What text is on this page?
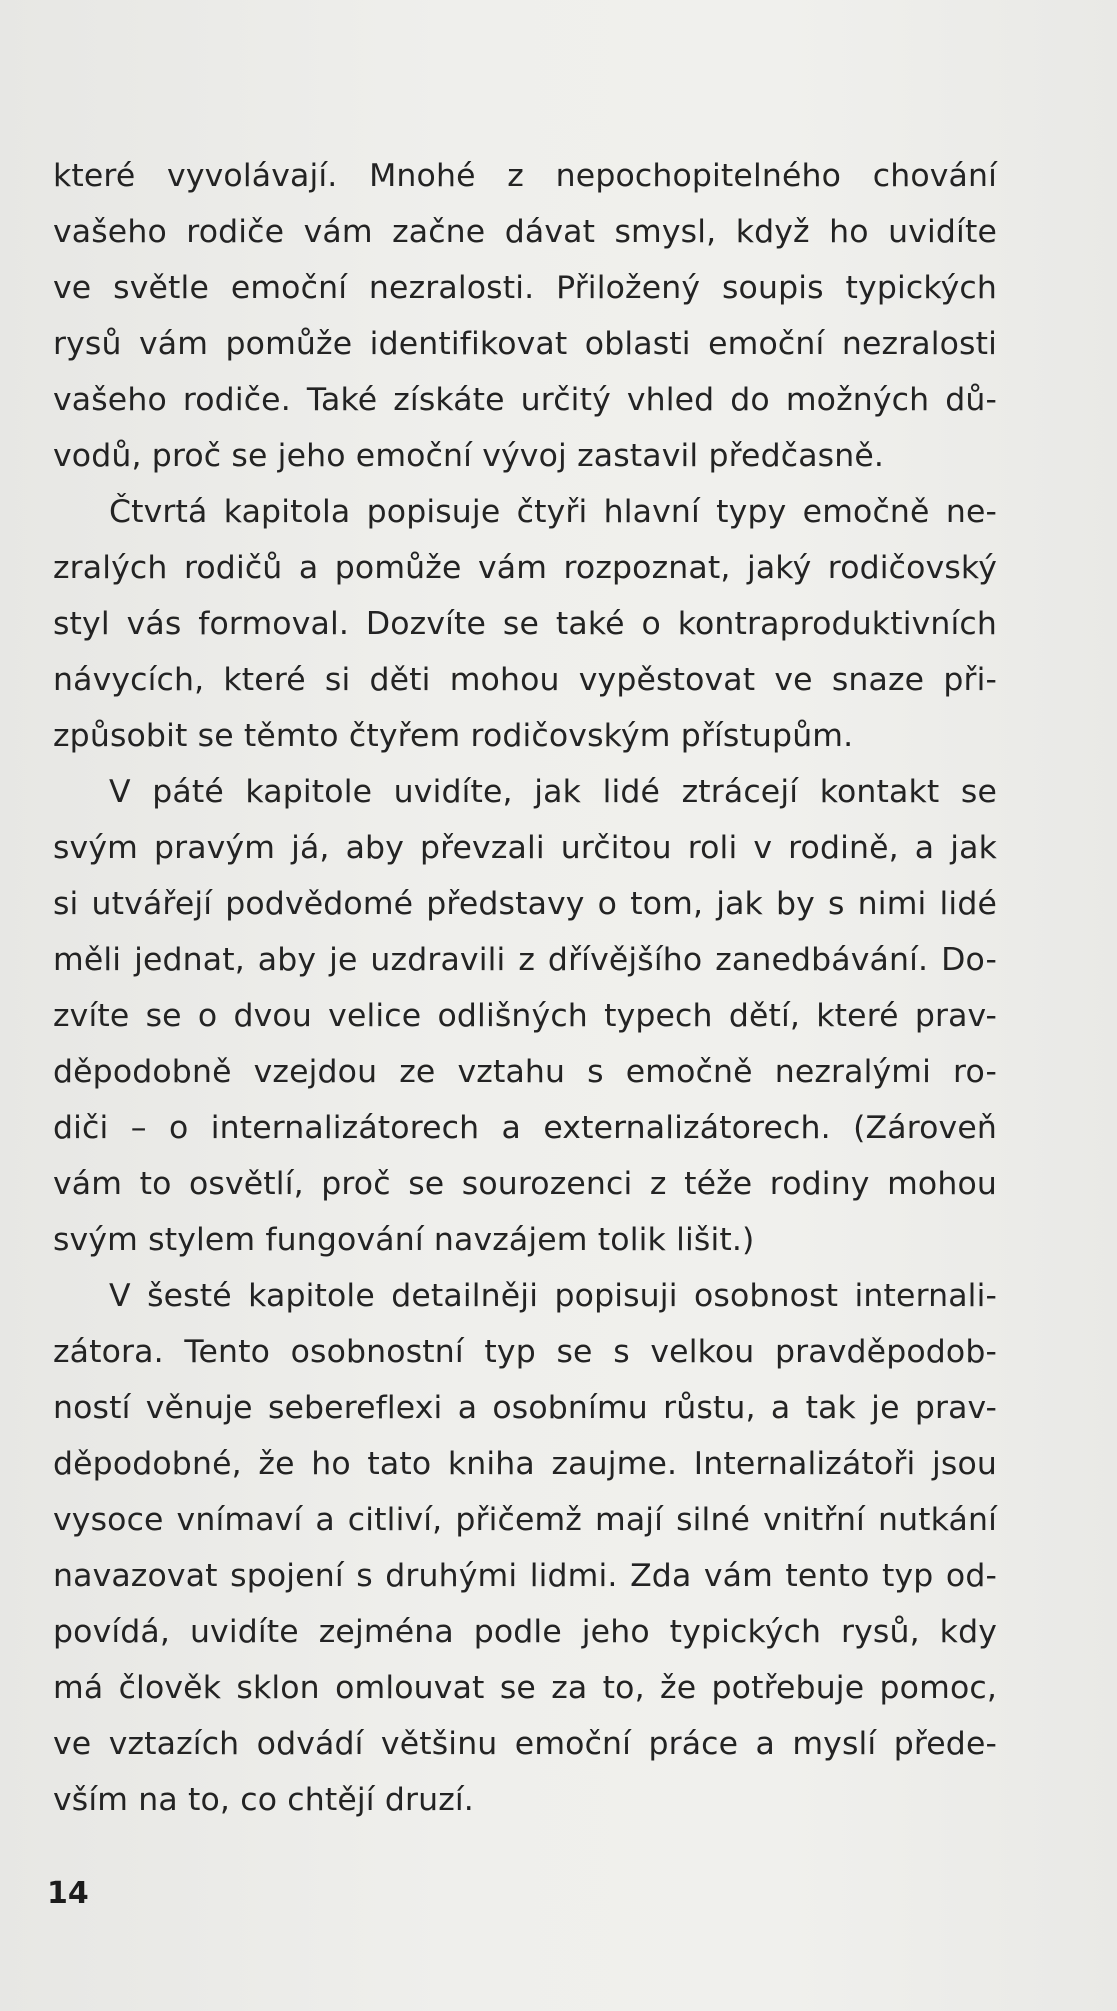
které vyvolávají. Mnohé z nepochopitelného chování
vašeho rodiče vám začne dávat smysl, když ho uvidíte
ve světle emoční nezralosti. Přiložený soupis typických
rysů vám pomůže identifikovat oblasti emoční nezralosti
vašeho rodiče. Také získáte určitý vhled do možných dů-
vodů, proč se jeho emoční vývoj zastavil předčasně.
Čtvrtá kapitola popisuje čtyři hlavní typy emočně ne-
zralých rodičů a pomůže vám rozpoznat, jaký rodičovský
styl vás formoval. Dozvíte se také o kontraproduktivních
návycích, které si děti mohou vypěstovat ve snaze při-
způsobit se těmto čtyřem rodičovským přístupům.
V páté kapitole uvidíte, jak lidé ztrácejí kontakt se
svým pravým já, aby převzali určitou roli v rodině, a jak
si utvářejí podvědomé představy o tom, jak by s nimi lidé
měli jednat, aby je uzdravili z dřívějšího zanedbávání. Do-
zvíte se o dvou velice odlišných typech dětí, které prav-
děpodobně vzejdou ze vztahu s emočně nezralými ro-
diči – o internalizátorech a externalizátorech. (Zároveň
vám to osvětlí, proč se sourozenci z téže rodiny mohou
svým stylem fungování navzájem tolik lišit.)
V šesté kapitole detailněji popisuji osobnost internali-
zátora. Tento osobnostní typ se s velkou pravděpodob-
ností věnuje sebereflexi a osobnímu růstu, a tak je prav-
děpodobné, že ho tato kniha zaujme. Internalizátoři jsou
vysoce vnímaví a citliví, přičemž mají silné vnitřní nutkání
navazovat spojení s druhými lidmi. Zda vám tento typ od-
povídá, uvidíte zejména podle jeho typických rysů, kdy
má člověk sklon omlouvat se za to, že potřebuje pomoc,
ve vztazích odvádí většinu emoční práce a myslí přede-
vším na to, co chtějí druzí.
14
